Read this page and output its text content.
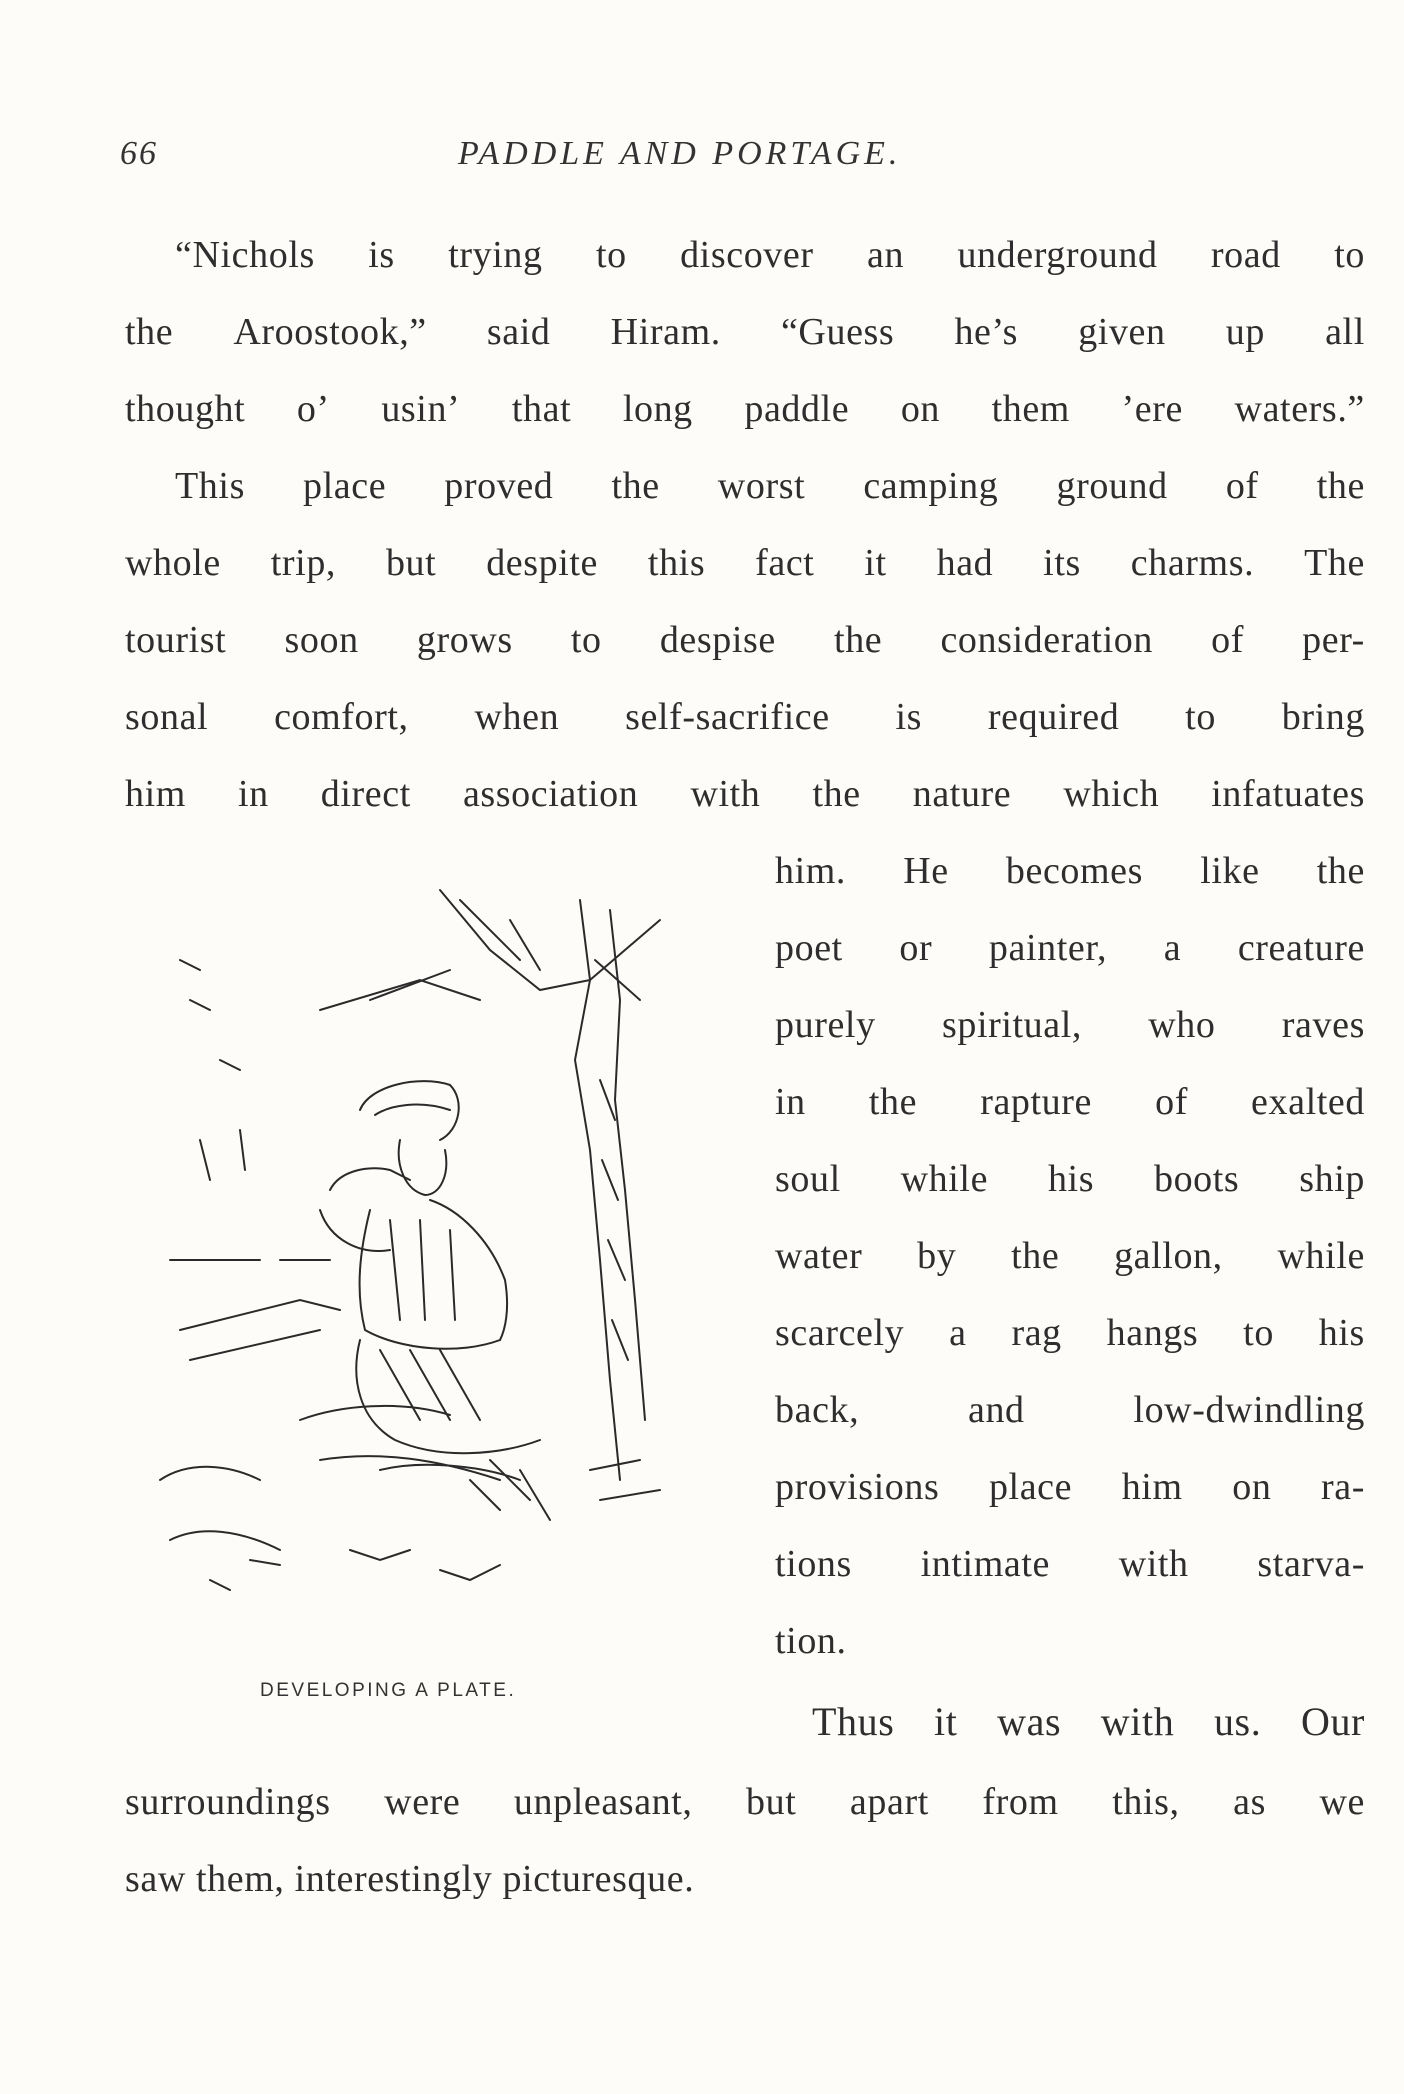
66	PADDLE AND PORTAGE.
“Nichols is trying to discover an underground road to
the Aroostook,” said Hiram. “Guess he’s given up all
thought o’ usin’ that long paddle on them ’ere waters.”
This place proved the worst camping ground of the
whole trip, but despite this fact it had its charms. The
tourist soon grows to despise the consideration of per-
sonal comfort, when self-sacrifice is required to bring
him in direct association with the nature which infatuates
him. He becomes like the
poet or painter, a creature
purely spiritual, who raves
in the rapture of exalted
soul while his boots ship
water by the gallon, while
scarcely a rag hangs to his
back,	and	low-dwindling
provisions place him on ra-
tions intimate with starva-
tion.
Thus it was with us. Our
surroundings were unpleasant, but apart from this, as we
saw them, interestingly picturesque.
DEVELOPING A PLATE.
